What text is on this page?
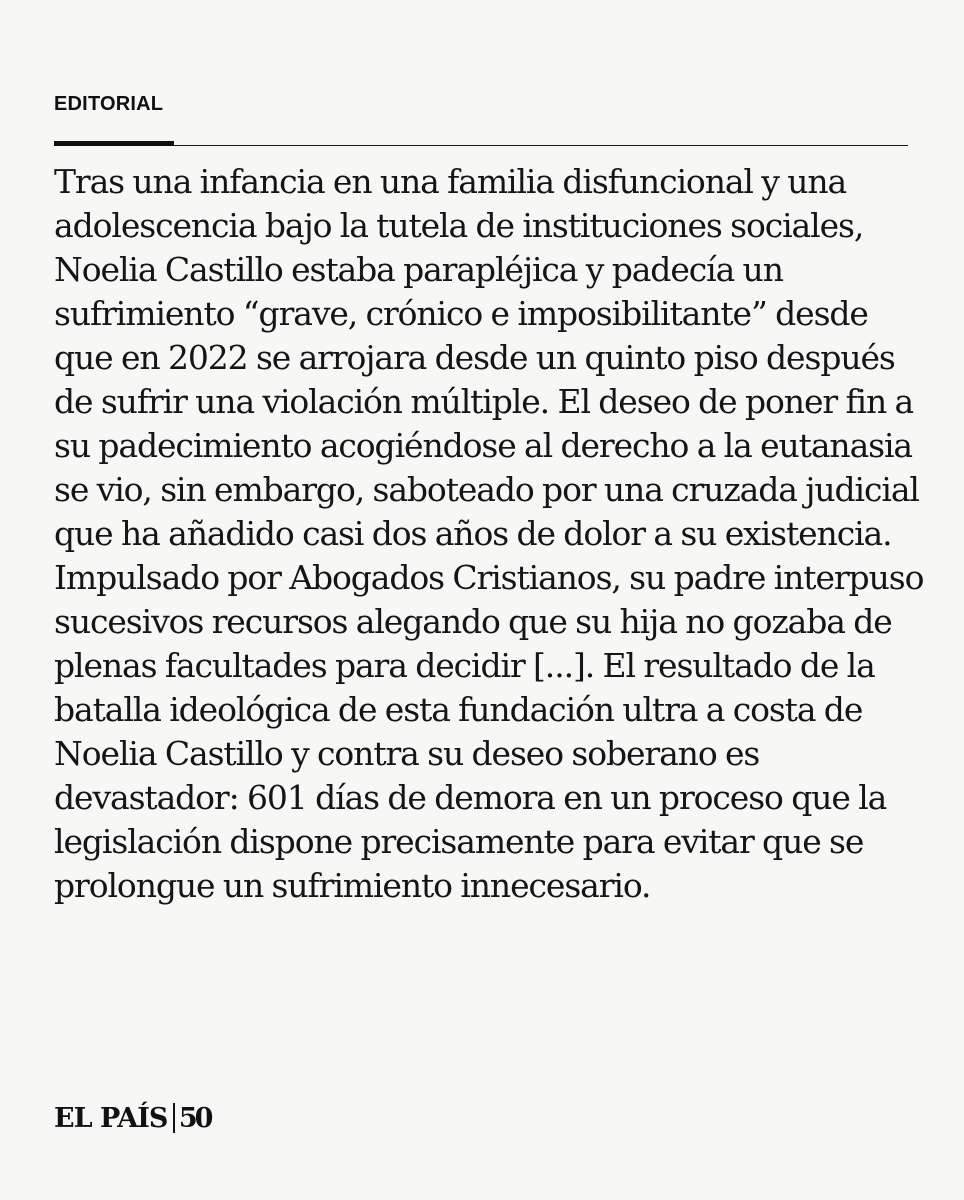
EDITORIAL

Tras una infancia en una familia disfuncional y una adolescencia bajo la tutela de instituciones sociales, Noelia Castillo estaba parapléjica y padecía un sufrimiento “grave, crónico e imposibilitante” desde que en 2022 se arrojara desde un quinto piso después de sufrir una violación múltiple. El deseo de poner fin a su padecimiento acogiéndose al derecho a la eutanasia se vio, sin embargo, saboteado por una cruzada judicial que ha añadido casi dos años de dolor a su existencia. Impulsado por Abogados Cristianos, su padre interpuso sucesivos recursos alegando que su hija no gozaba de plenas facultades para decidir [...]. El resultado de la batalla ideológica de esta fundación ultra a costa de Noelia Castillo y contra su deseo soberano es devastador: 601 días de demora en un proceso que la legislación dispone precisamente para evitar que se prolongue un sufrimiento innecesario.

EL PAÍS 50
